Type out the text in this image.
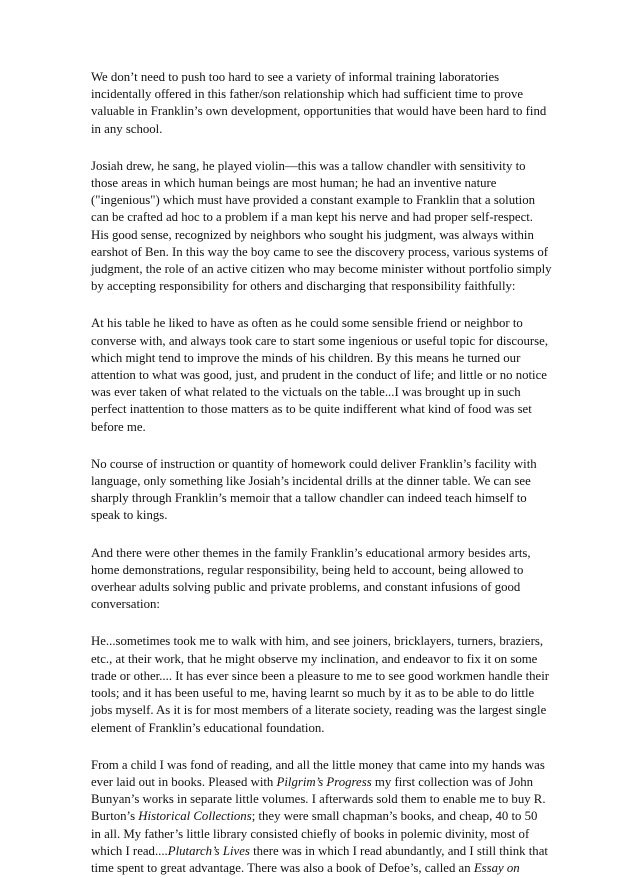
We don’t need to push too hard to see a variety of informal training laboratories
incidentally offered in this father/son relationship which had sufficient time to prove
valuable in Franklin’s own development, opportunities that would have been hard to find
in any school.

Josiah drew, he sang, he played violin—this was a tallow chandler with sensitivity to
those areas in which human beings are most human; he had an inventive nature
("ingenious") which must have provided a constant example to Franklin that a solution
can be crafted ad hoc to a problem if a man kept his nerve and had proper self-respect.
His good sense, recognized by neighbors who sought his judgment, was always within
earshot of Ben. In this way the boy came to see the discovery process, various systems of
judgment, the role of an active citizen who may become minister without portfolio simply
by accepting responsibility for others and discharging that responsibility faithfully:

At his table he liked to have as often as he could some sensible friend or neighbor to
converse with, and always took care to start some ingenious or useful topic for discourse,
which might tend to improve the minds of his children. By this means he turned our
attention to what was good, just, and prudent in the conduct of life; and little or no notice
was ever taken of what related to the victuals on the table...I was brought up in such
perfect inattention to those matters as to be quite indifferent what kind of food was set
before me.

No course of instruction or quantity of homework could deliver Franklin’s facility with
language, only something like Josiah’s incidental drills at the dinner table. We can see
sharply through Franklin’s memoir that a tallow chandler can indeed teach himself to
speak to kings.

And there were other themes in the family Franklin’s educational armory besides arts,
home demonstrations, regular responsibility, being held to account, being allowed to
overhear adults solving public and private problems, and constant infusions of good
conversation:

He...sometimes took me to walk with him, and see joiners, bricklayers, turners, braziers,
etc., at their work, that he might observe my inclination, and endeavor to fix it on some
trade or other.... It has ever since been a pleasure to me to see good workmen handle their
tools; and it has been useful to me, having learnt so much by it as to be able to do little
jobs myself. As it is for most members of a literate society, reading was the largest single
element of Franklin’s educational foundation.

From a child I was fond of reading, and all the little money that came into my hands was
ever laid out in books. Pleased with Pilgrim’s Progress my first collection was of John
Bunyan’s works in separate little volumes. I afterwards sold them to enable me to buy R.
Burton’s Historical Collections; they were small chapman’s books, and cheap, 40 to 50
in all. My father’s little library consisted chiefly of books in polemic divinity, most of
which I read....Plutarch’s Lives there was in which I read abundantly, and I still think that
time spent to great advantage. There was also a book of Defoe’s, called an Essay on
